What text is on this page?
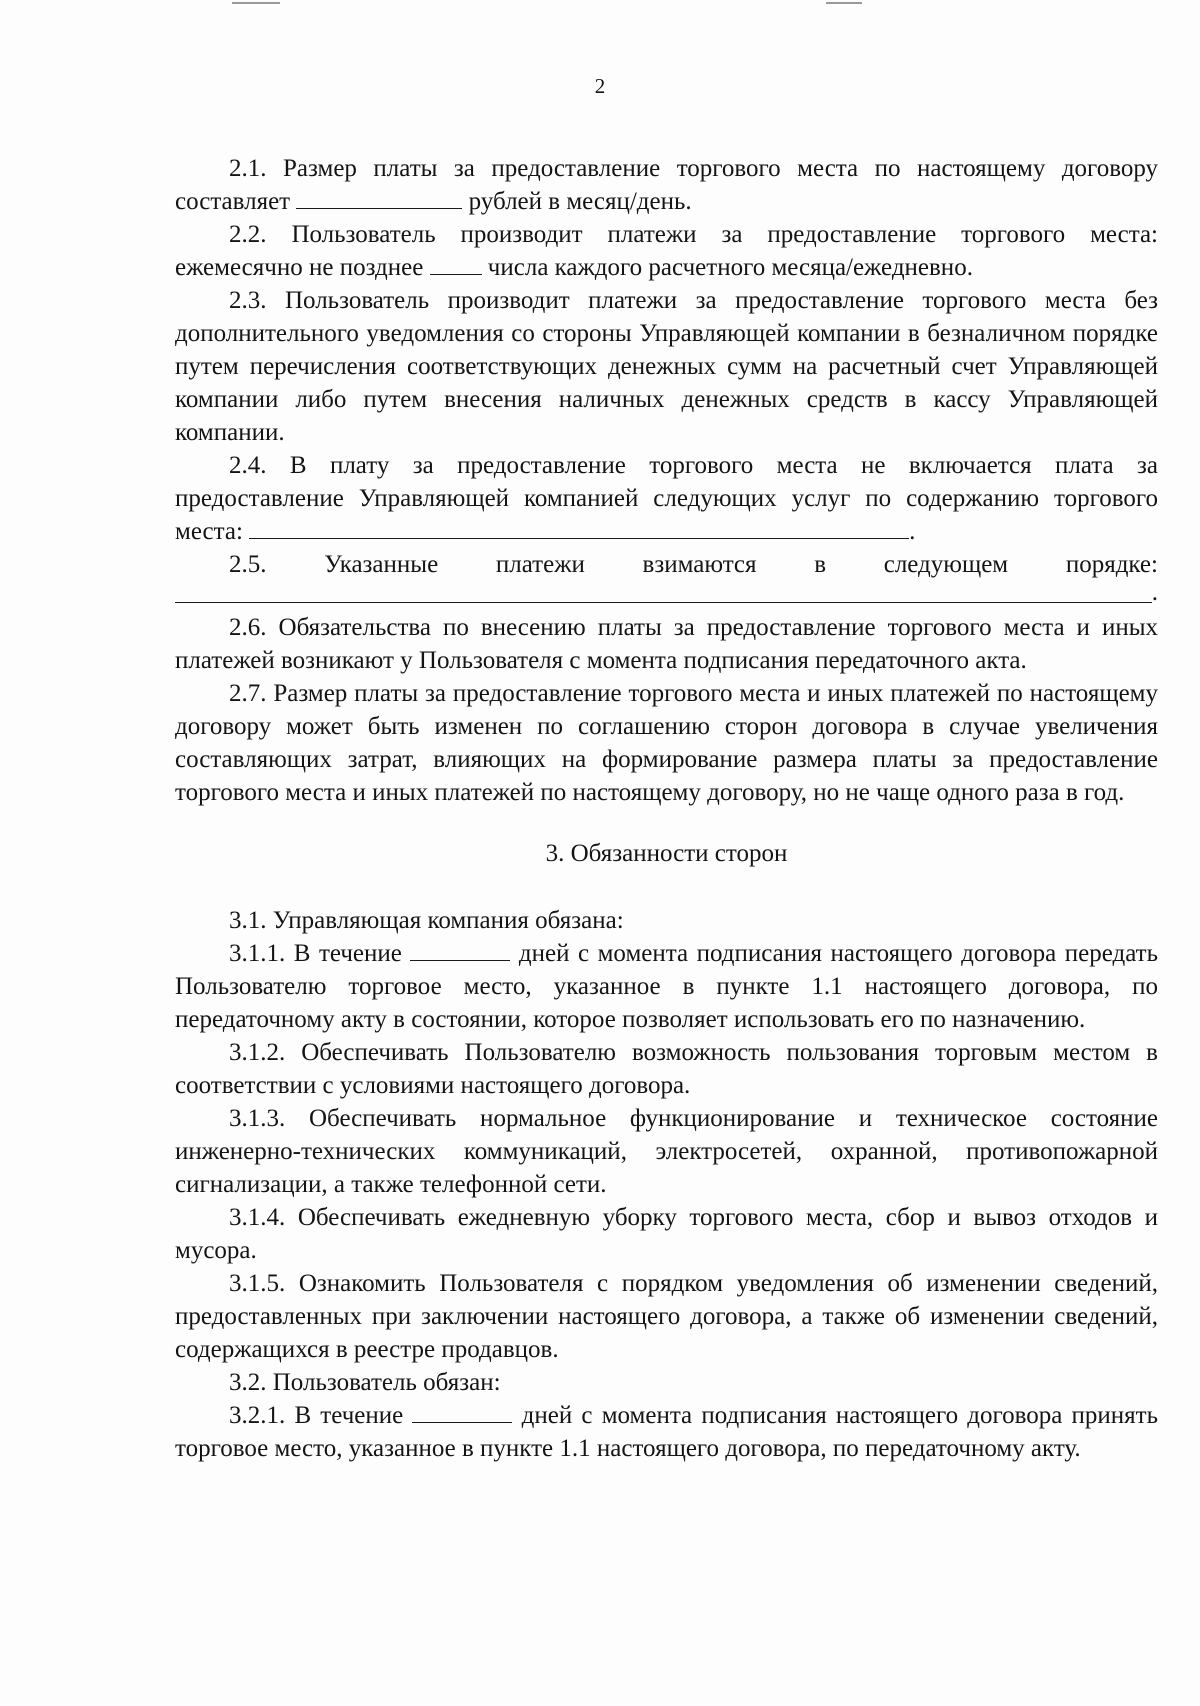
2

2.1. Размер платы за предоставление торгового места по настоящему договору составляет	рублей в месяц/день.

2.2. Пользователь производит платежи за предоставление торгового места: ежемесячно не позднее	числа каждого расчетного месяца/ежедневно.

2.3. Пользователь производит платежи за предоставление торгового места без дополнительного уведомления со стороны Управляющей компании в безналичном порядке путем перечисления соответствующих денежных сумм на расчетный счет Управляющей компании либо путем внесения наличных денежных средств в кассу Управляющей компании.

2.4. В плату за предоставление торгового места не включается плата за предоставление Управляющей компанией следующих услуг по содержанию торгового места:	.

2.5. Указанные платежи взимаются в следующем порядке:
.

2.6. Обязательства по внесению платы за предоставление торгового места и иных платежей возникают у Пользователя с момента подписания передаточного акта.

2.7. Размер платы за предоставление торгового места и иных платежей по настоящему договору может быть изменен по соглашению сторон договора в случае увеличения составляющих затрат, влияющих на формирование размера платы за предоставление торгового места и иных платежей по настоящему договору, но не чаще одного раза в год.

3. Обязанности сторон

3.1. Управляющая компания обязана:

3.1.1. В течение	дней с момента подписания настоящего договора передать Пользователю торговое место, указанное в пункте 1.1 настоящего договора, по передаточному акту в состоянии, которое позволяет использовать его по назначению.

3.1.2. Обеспечивать Пользователю возможность пользования торговым местом в соответствии с условиями настоящего договора.

3.1.3. Обеспечивать нормальное функционирование и техническое состояние инженерно-технических коммуникаций, электросетей, охранной, противопожарной сигнализации, а также телефонной сети.

3.1.4. Обеспечивать ежедневную уборку торгового места, сбор и вывоз отходов и мусора.

3.1.5. Ознакомить Пользователя с порядком уведомления об изменении сведений, предоставленных при заключении настоящего договора, а также об изменении сведений, содержащихся в реестре продавцов.

3.2. Пользователь обязан:

3.2.1. В течение	дней с момента подписания настоящего договора принять торговое место, указанное в пункте 1.1 настоящего договора, по передаточному акту.
